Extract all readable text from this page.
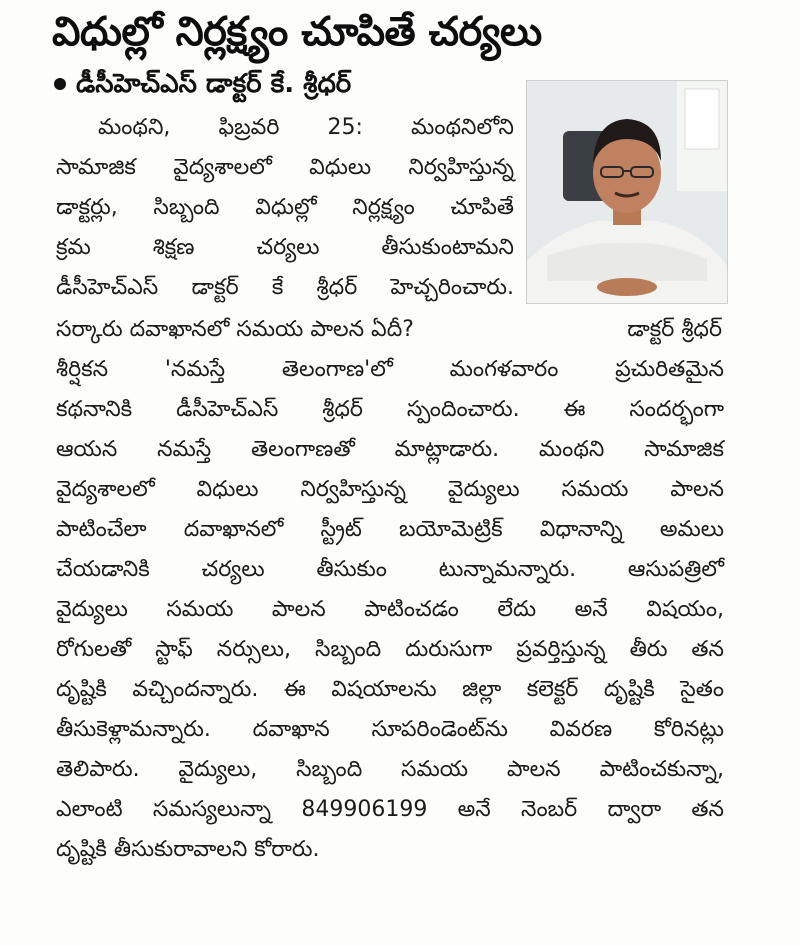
విధుల్లో నిర్లక్ష్యం చూపితే చర్యలు
డీసీహెచ్ఎస్ డాక్టర్ కే. శ్రీధర్
మంథని, ఫిబ్రవరి 25: మంథనిలోని
సామాజిక వైద్యశాలలో విధులు నిర్వహిస్తున్న
డాక్టర్లు, సిబ్బంది విధుల్లో నిర్లక్ష్యం చూపితే
క్రమ శిక్షణ చర్యలు తీసుకుంటామని
డీసీహెచ్ఎస్ డాక్టర్ కే శ్రీధర్ హెచ్చరించారు.
సర్కారు దవాఖానలో సమయ పాలన ఏదీ?	డాక్టర్ శ్రీధర్
శీర్షికన 'నమస్తే తెలంగాణ'లో మంగళవారం ప్రచురితమైన
కథనానికి డీసీహెచ్ఎస్ శ్రీధర్ స్పందించారు. ఈ సందర్భంగా
ఆయన నమస్తే తెలంగాణతో మాట్లాడారు. మంథని సామాజిక
వైద్యశాలలో విధులు నిర్వహిస్తున్న వైద్యులు సమయ పాలన
పాటించేలా దవాఖానలో స్ట్రీట్ బయోమెట్రిక్ విధానాన్ని అమలు
చేయడానికి చర్యలు తీసుకుం టున్నామన్నారు. ఆసుపత్రిలో
వైద్యులు సమయ పాలన పాటించడం లేదు అనే విషయం,
రోగులతో స్టాఫ్ నర్సులు, సిబ్బంది దురుసుగా ప్రవర్తిస్తున్న తీరు తన
దృష్టికి వచ్చిందన్నారు. ఈ విషయాలను జిల్లా కలెక్టర్ దృష్టికి సైతం
తీసుకెళ్లామన్నారు. దవాఖాన సూపరిండెంట్‌ను వివరణ కోరినట్లు
తెలిపారు. వైద్యులు, సిబ్బంది సమయ పాలన పాటించకున్నా,
ఎలాంటి సమస్యలున్నా 849906199 అనే నెంబర్ ద్వారా తన
దృష్టికి తీసుకురావాలని కోరారు.
